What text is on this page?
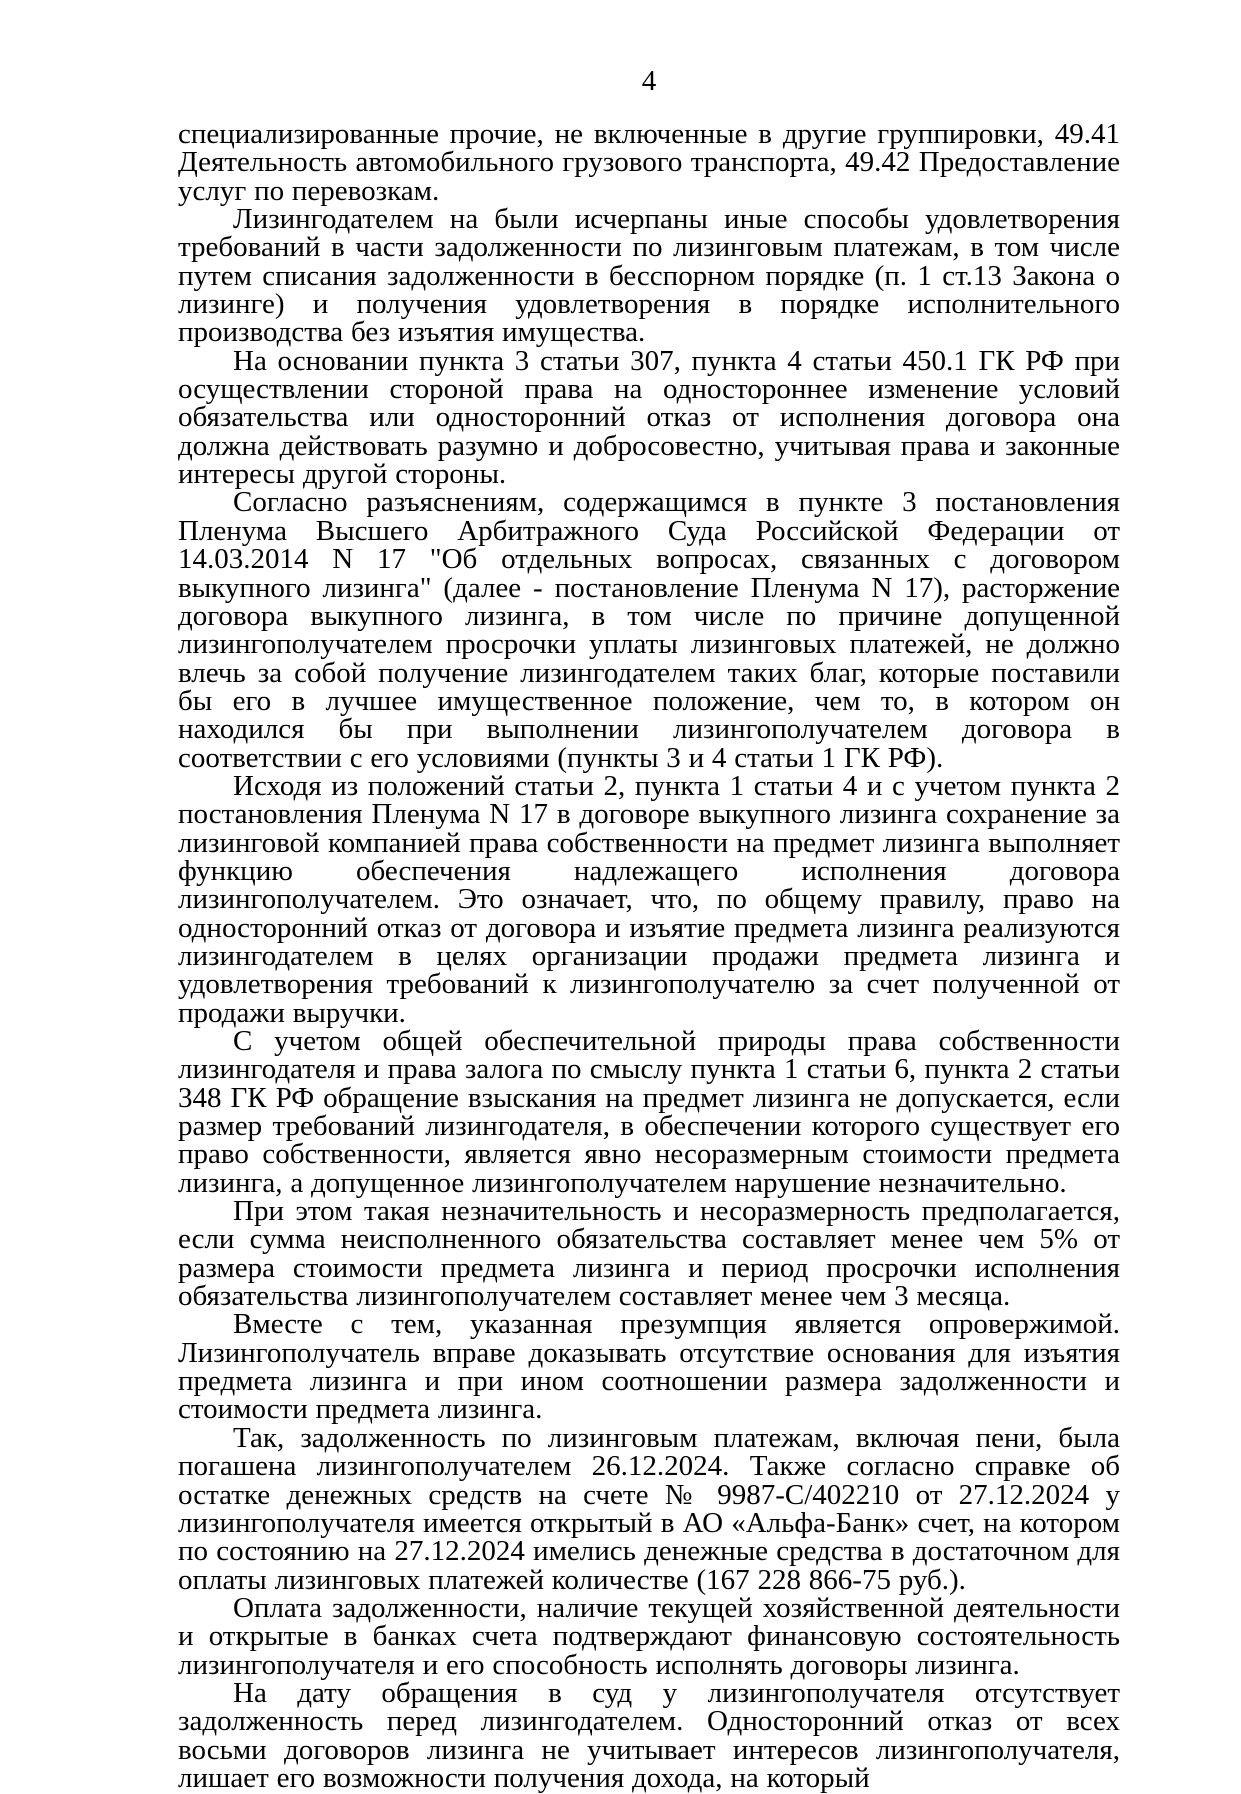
4

специализированные прочие, не включенные в другие группировки, 49.41 Деятельность автомобильного грузового транспорта, 49.42 Предоставление услуг по перевозкам.

Лизингодателем на были исчерпаны иные способы удовлетворения требований в части задолженности по лизинговым платежам, в том числе путем списания задолженности в бесспорном порядке (п. 1 ст.13 Закона о лизинге) и получения удовлетворения в порядке исполнительного производства без изъятия имущества.

На основании пункта 3 статьи 307, пункта 4 статьи 450.1 ГК РФ при осуществлении стороной права на одностороннее изменение условий обязательства или односторонний отказ от исполнения договора она должна действовать разумно и добросовестно, учитывая права и законные интересы другой стороны.

Согласно разъяснениям, содержащимся в пункте 3 постановления Пленума Высшего Арбитражного Суда Российской Федерации от 14.03.2014 N 17 "Об отдельных вопросах, связанных с договором выкупного лизинга" (далее - постановление Пленума N 17), расторжение договора выкупного лизинга, в том числе по причине допущенной лизингополучателем просрочки уплаты лизинговых платежей, не должно влечь за собой получение лизингодателем таких благ, которые поставили бы его в лучшее имущественное положение, чем то, в котором он находился бы при выполнении лизингополучателем договора в соответствии с его условиями (пункты 3 и 4 статьи 1 ГК РФ).

Исходя из положений статьи 2, пункта 1 статьи 4 и с учетом пункта 2 постановления Пленума N 17 в договоре выкупного лизинга сохранение за лизинговой компанией права собственности на предмет лизинга выполняет функцию обеспечения надлежащего исполнения договора лизингополучателем. Это означает, что, по общему правилу, право на односторонний отказ от договора и изъятие предмета лизинга реализуются лизингодателем в целях организации продажи предмета лизинга и удовлетворения требований к лизингополучателю за счет полученной от продажи выручки.

С учетом общей обеспечительной природы права собственности лизингодателя и права залога по смыслу пункта 1 статьи 6, пункта 2 статьи 348 ГК РФ обращение взыскания на предмет лизинга не допускается, если размер требований лизингодателя, в обеспечении которого существует его право собственности, является явно несоразмерным стоимости предмета лизинга, а допущенное лизингополучателем нарушение незначительно.

При этом такая незначительность и несоразмерность предполагается, если сумма неисполненного обязательства составляет менее чем 5% от размера стоимости предмета лизинга и период просрочки исполнения обязательства лизингополучателем составляет менее чем 3 месяца.

Вместе с тем, указанная презумпция является опровержимой. Лизингополучатель вправе доказывать отсутствие основания для изъятия предмета лизинга и при ином соотношении размера задолженности и стоимости предмета лизинга.

Так, задолженность по лизинговым платежам, включая пени, была погашена лизингополучателем 26.12.2024. Также согласно справке об остатке денежных средств на счете № 9987-С/402210 от 27.12.2024 у лизингополучателя имеется открытый в АО «Альфа-Банк» счет, на котором по состоянию на 27.12.2024 имелись денежные средства в достаточном для оплаты лизинговых платежей количестве (167 228 866-75 руб.).

Оплата задолженности, наличие текущей хозяйственной деятельности и открытые в банках счета подтверждают финансовую состоятельность лизингополучателя и его способность исполнять договоры лизинга.

На дату обращения в суд у лизингополучателя отсутствует задолженность перед лизингодателем. Односторонний отказ от всех восьми договоров лизинга не учитывает интересов лизингополучателя, лишает его возможности получения дохода, на который
